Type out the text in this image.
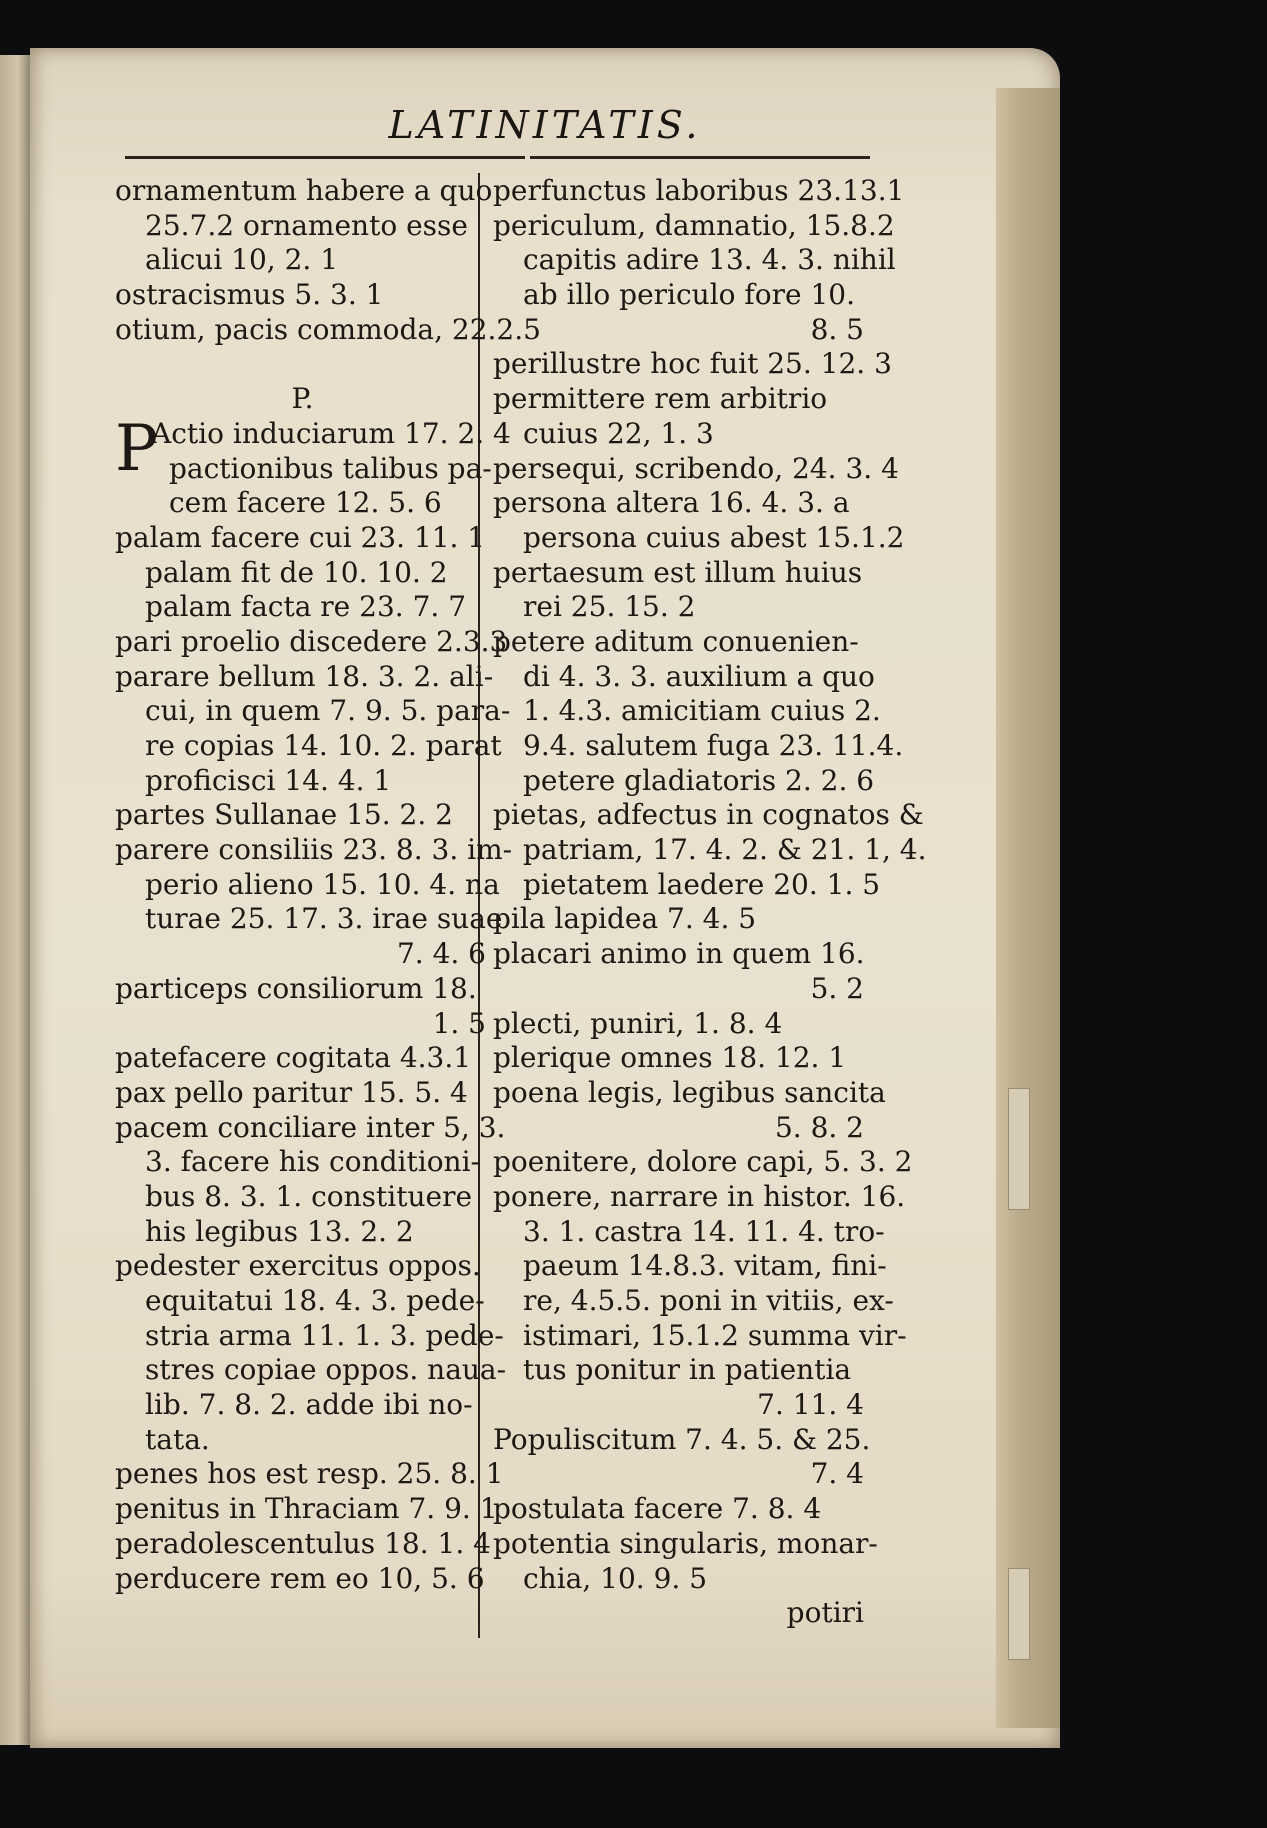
LATINITATIS.
ornamentum habere a quo
25.7.2 ornamento esse
alicui 10, 2. 1
ostracismus 5. 3. 1
otium, pacis commoda, 22.2.5
P.
P
Actio induciarum 17. 2. 4
pactionibus talibus pa-
cem facere 12. 5. 6
palam facere cui 23. 11. 1
palam fit de 10. 10. 2
palam facta re 23. 7. 7
pari proelio discedere 2.3.3
parare bellum 18. 3. 2. ali-
cui, in quem 7. 9. 5. para-
re copias 14. 10. 2. parat
proficisci 14. 4. 1
partes Sullanae 15. 2. 2
parere consiliis 23. 8. 3. im-
perio alieno 15. 10. 4. na
turae 25. 17. 3. irae suae
7. 4. 6
particeps consiliorum 18.
1. 5
patefacere cogitata 4.3.1
pax pello paritur 15. 5. 4
pacem conciliare inter 5, 3.
3. facere his conditioni-
bus 8. 3. 1. constituere
his legibus 13. 2. 2
pedester exercitus oppos.
equitatui 18. 4. 3. pede-
stria arma 11. 1. 3. pede-
stres copiae oppos. naua-
lib. 7. 8. 2. adde ibi no-
tata.
penes hos est resp. 25. 8. 1
penitus in Thraciam 7. 9. 1
peradolescentulus 18. 1. 4
perducere rem eo 10, 5. 6
perfunctus laboribus 23.13.1
periculum, damnatio, 15.8.2
capitis adire 13. 4. 3. nihil
ab illo periculo fore 10.
8. 5
perillustre hoc fuit 25. 12. 3
permittere rem arbitrio
cuius 22, 1. 3
persequi, scribendo, 24. 3. 4
persona altera 16. 4. 3. a
persona cuius abest 15.1.2
pertaesum est illum huius
rei 25. 15. 2
petere aditum conuenien-
di 4. 3. 3. auxilium a quo
1. 4.3. amicitiam cuius 2.
9.4. salutem fuga 23. 11.4.
petere gladiatoris 2. 2. 6
pietas, adfectus in cognatos &
patriam, 17. 4. 2. & 21. 1, 4.
pietatem laedere 20. 1. 5
pila lapidea 7. 4. 5
placari animo in quem 16.
5. 2
plecti, puniri, 1. 8. 4
plerique omnes 18. 12. 1
poena legis, legibus sancita
5. 8. 2
poenitere, dolore capi, 5. 3. 2
ponere, narrare in histor. 16.
3. 1. castra 14. 11. 4. tro-
paeum 14.8.3. vitam, fini-
re, 4.5.5. poni in vitiis, ex-
istimari, 15.1.2 summa vir-
tus ponitur in patientia
7. 11. 4
Populiscitum 7. 4. 5. & 25.
7. 4
postulata facere 7. 8. 4
potentia singularis, monar-
chia, 10. 9. 5
potiri
